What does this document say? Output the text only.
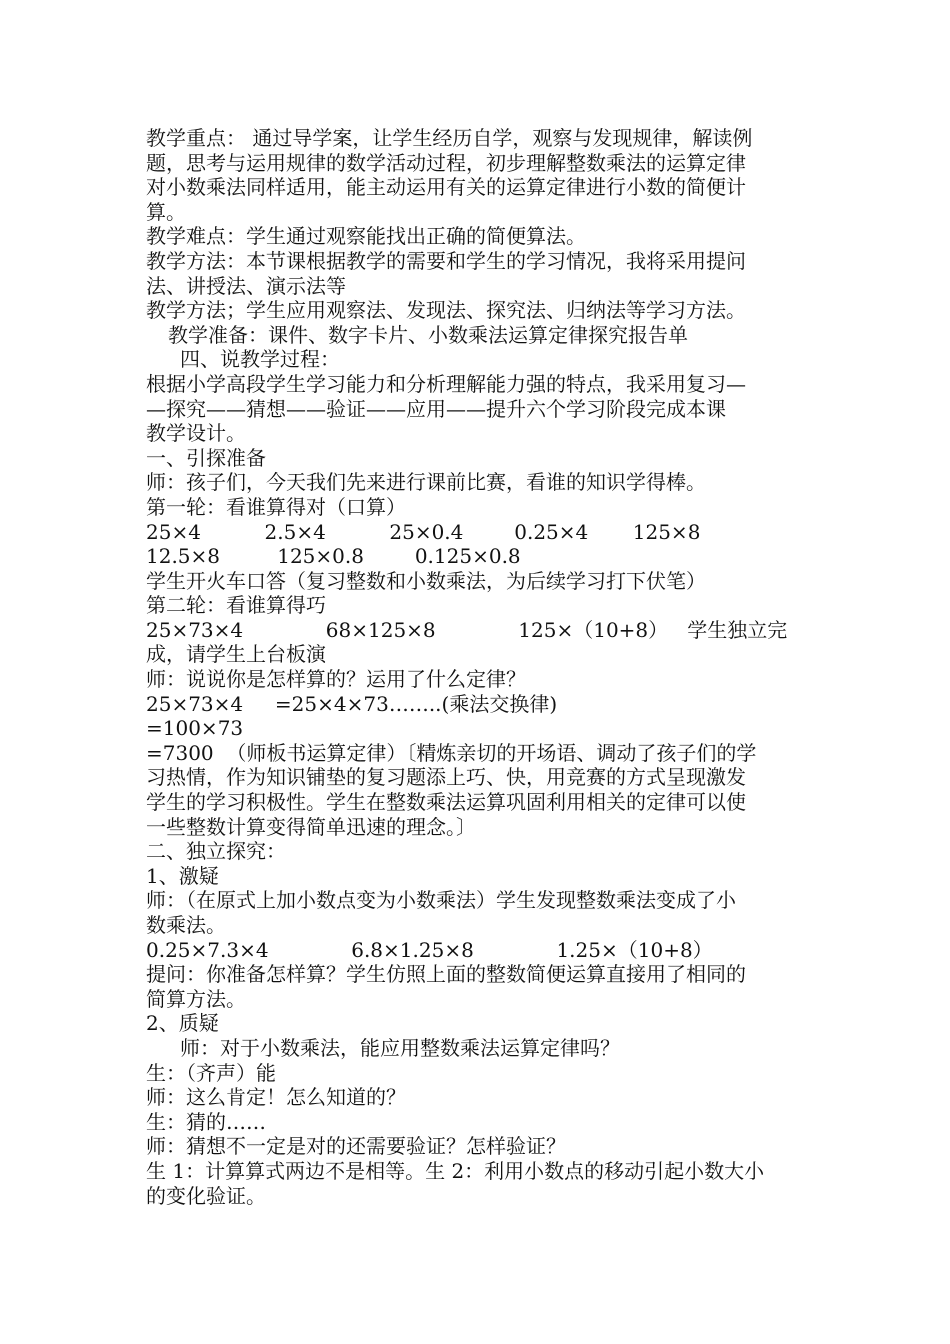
教学重点： 通过导学案，让学生经历自学，观察与发现规律，解读例
题，思考与运用规律的数学活动过程，初步理解整数乘法的运算定律
对小数乘法同样适用，能主动运用有关的运算定律进行小数的简便计
算。
教学难点：学生通过观察能找出正确的简便算法。
教学方法：本节课根据教学的需要和学生的学习情况，我将采用提问
法、讲授法、演示法等
教学方法；学生应用观察法、发现法、探究法、归纳法等学习方法。
教学准备：课件、数字卡片、小数乘法运算定律探究报告单
四、说教学过程：
根据小学高段学生学习能力和分析理解能力强的特点，我采用复习—
—探究——猜想——验证——应用——提升六个学习阶段完成本课
教学设计。
一、引探准备
师：孩子们，今天我们先来进行课前比赛，看谁的知识学得棒。
第一轮：看谁算得对（口算）
25×4          2.5×4          25×0.4        0.25×4       125×8
12.5×8         125×0.8        0.125×0.8
学生开火车口答（复习整数和小数乘法，为后续学习打下伏笔）
第二轮：看谁算得巧
25×73×4             68×125×8             125×（10+8）   学生独立完
成，请学生上台板演
师：说说你是怎样算的？运用了什么定律？
25×73×4     =25×4×73……..(乘法交换律)
=100×73
=7300  （师板书运算定律）〔精炼亲切的开场语、调动了孩子们的学
习热情，作为知识铺垫的复习题添上巧、快，用竞赛的方式呈现激发
学生的学习积极性。学生在整数乘法运算巩固利用相关的定律可以使
一些整数计算变得简单迅速的理念。〕
二、独立探究：
1、激疑
师：（在原式上加小数点变为小数乘法）学生发现整数乘法变成了小
数乘法。
0.25×7.3×4             6.8×1.25×8             1.25×（10+8）
提问：你准备怎样算？学生仿照上面的整数简便运算直接用了相同的
简算方法。
2、质疑
师：对于小数乘法，能应用整数乘法运算定律吗？
生：（齐声）能
师：这么肯定！怎么知道的？
生：猜的……
师：猜想不一定是对的还需要验证？怎样验证？
生 1：计算算式两边不是相等。生 2：利用小数点的移动引起小数大小
的变化验证。
